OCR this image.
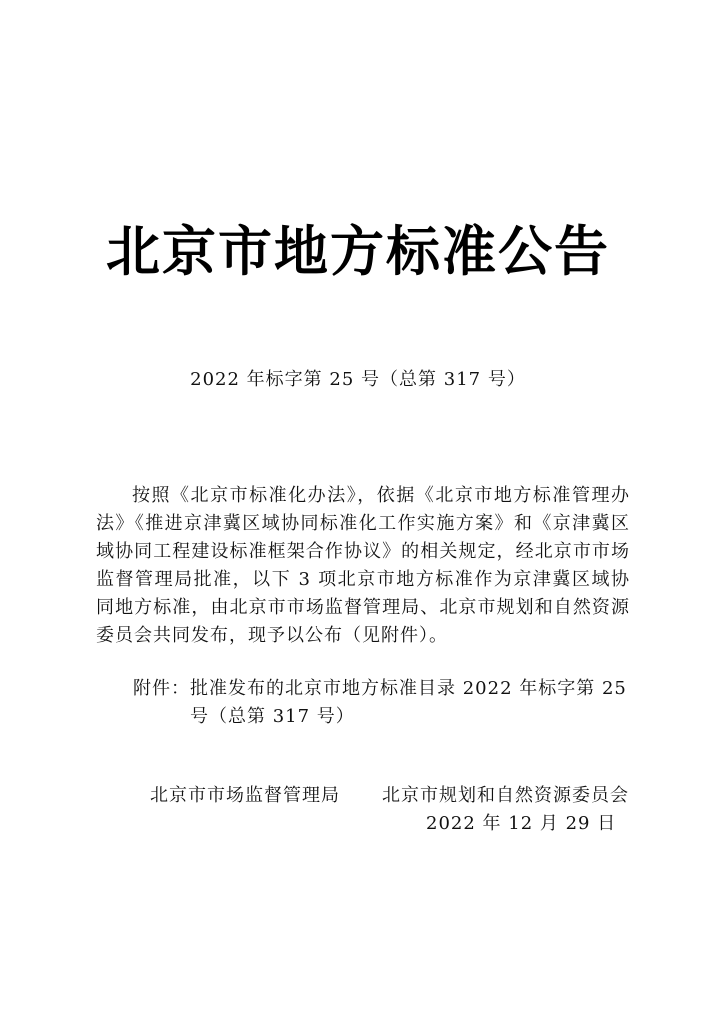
北京市地方标准公告
2022 年标字第 25 号（总第 317 号）

按照《北京市标准化办法》，依据《北京市地方标准管理办法》《推进京津冀区域协同标准化工作实施方案》和《京津冀区域协同工程建设标准框架合作协议》的相关规定，经北京市市场监督管理局批准，以下 3 项北京市地方标准作为京津冀区域协同地方标准，由北京市市场监督管理局、北京市规划和自然资源委员会共同发布，现予以公布（见附件）。

附件： 批准发布的北京市地方标准目录 2022 年标字第 25 号（总第 317 号）
北京市市场监督管理局 北京市规划和自然资源委员会
2022 年 12 月 29 日
